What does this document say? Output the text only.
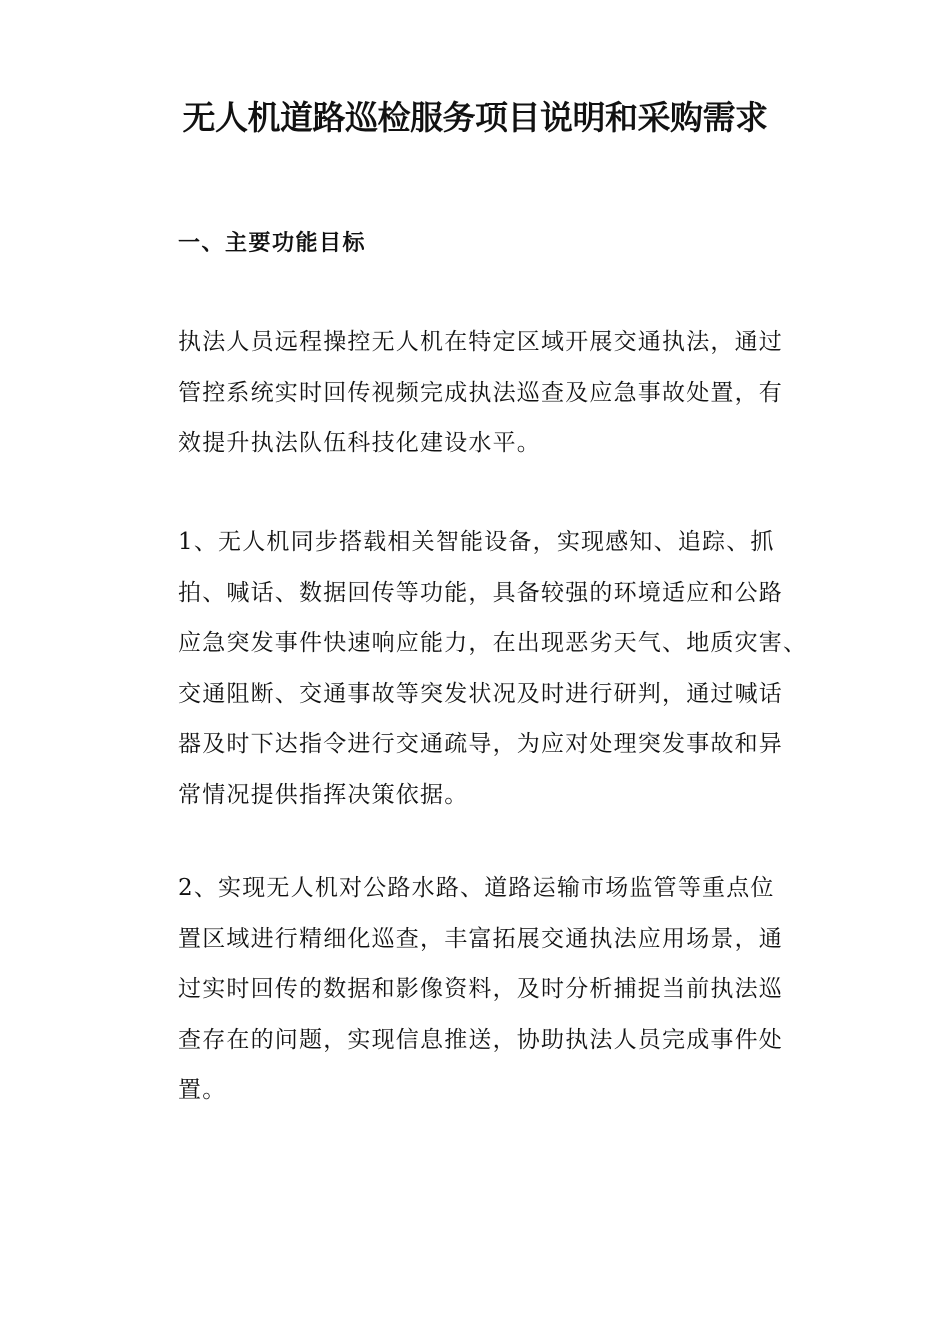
无人机道路巡检服务项目说明和采购需求
一、主要功能目标

执法人员远程操控无人机在特定区域开展交通执法，通过
管控系统实时回传视频完成执法巡查及应急事故处置，有
效提升执法队伍科技化建设水平。

1、无人机同步搭载相关智能设备，实现感知、追踪、抓
拍、喊话、数据回传等功能，具备较强的环境适应和公路
应急突发事件快速响应能力，在出现恶劣天气、地质灾害、
交通阻断、交通事故等突发状况及时进行研判，通过喊话
器及时下达指令进行交通疏导，为应对处理突发事故和异
常情况提供指挥决策依据。

2、实现无人机对公路水路、道路运输市场监管等重点位
置区域进行精细化巡查，丰富拓展交通执法应用场景，通
过实时回传的数据和影像资料，及时分析捕捉当前执法巡
查存在的问题，实现信息推送，协助执法人员完成事件处
置。
